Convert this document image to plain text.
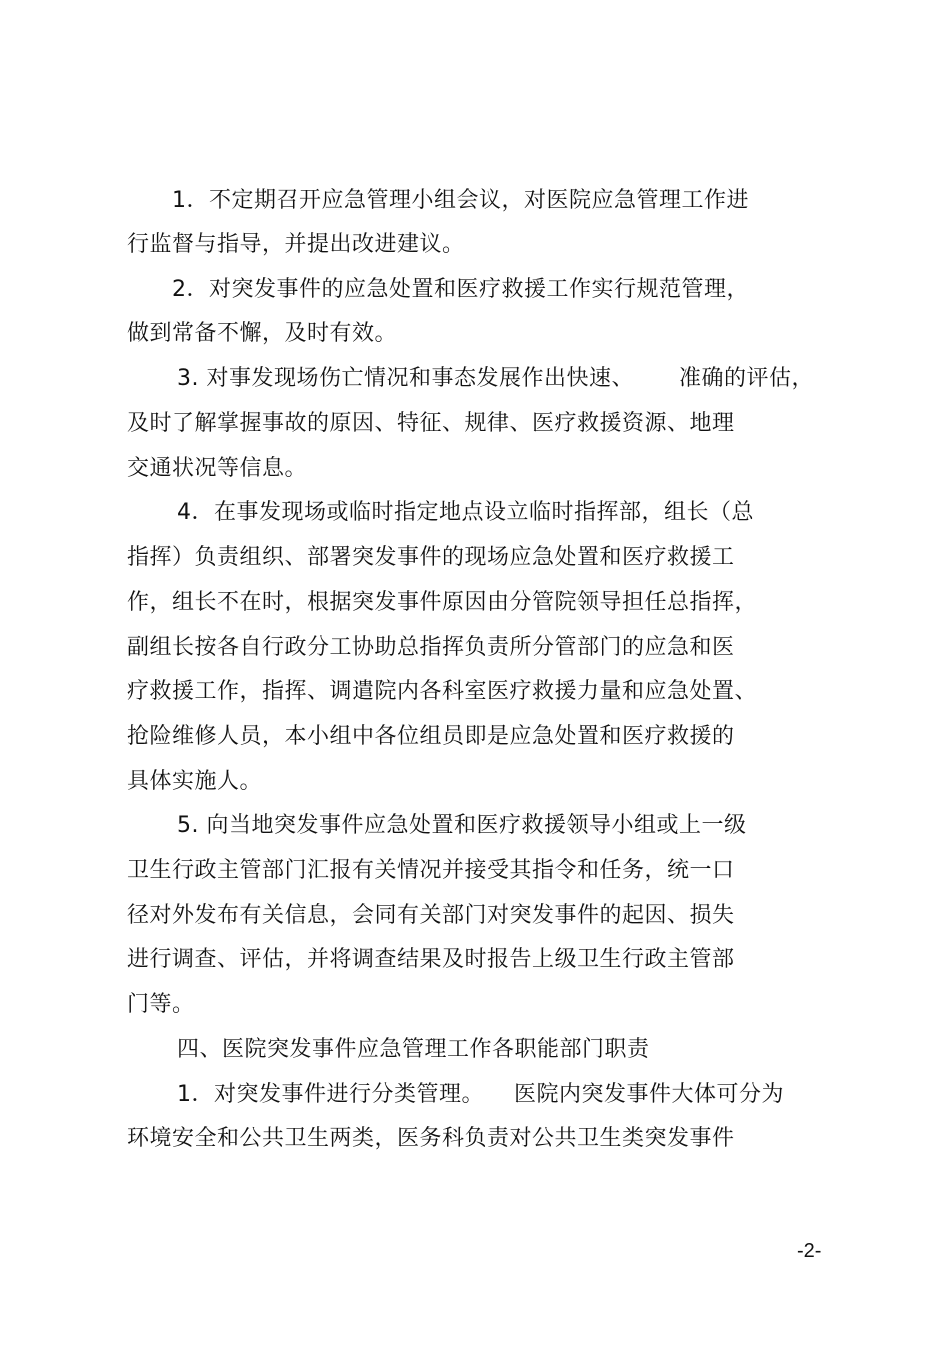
1．不定期召开应急管理小组会议，对医院应急管理工作进
行监督与指导，并提出改进建议。
2．对突发事件的应急处置和医疗救援工作实行规范管理，
做到常备不懈，及时有效。
3. 对事发现场伤亡情况和事态发展作出快速、      准确的评估，
及时了解掌握事故的原因、特征、规律、医疗救援资源、地理
交通状况等信息。
4．在事发现场或临时指定地点设立临时指挥部，组长（总
指挥）负责组织、部署突发事件的现场应急处置和医疗救援工
作，组长不在时，根据突发事件原因由分管院领导担任总指挥，
副组长按各自行政分工协助总指挥负责所分管部门的应急和医
疗救援工作，指挥、调遣院内各科室医疗救援力量和应急处置、
抢险维修人员，本小组中各位组员即是应急处置和医疗救援的
具体实施人。
5. 向当地突发事件应急处置和医疗救援领导小组或上一级
卫生行政主管部门汇报有关情况并接受其指令和任务，统一口
径对外发布有关信息，会同有关部门对突发事件的起因、损失
进行调查、评估，并将调查结果及时报告上级卫生行政主管部
门等。
四、医院突发事件应急管理工作各职能部门职责
1．对突发事件进行分类管理。    医院内突发事件大体可分为
环境安全和公共卫生两类，医务科负责对公共卫生类突发事件
-2-
